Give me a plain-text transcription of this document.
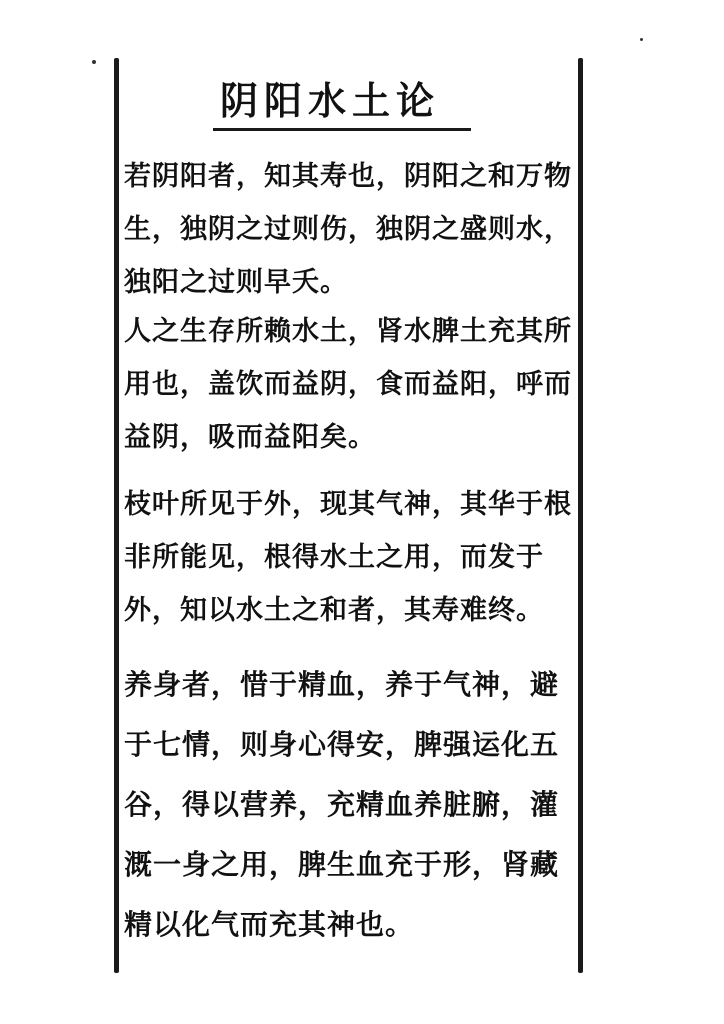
阴阳水土论
若阴阳者，知其寿也，阴阳之和万物生，独阴之过则伤，独阴之盛则水，独阳之过则早夭。
人之生存所赖水土，肾水脾土充其所用也，盖饮而益阴，食而益阳，呼而益阴，吸而益阳矣。
枝叶所见于外，现其气神，其华于根非所能见，根得水土之用，而发于外，知以水土之和者，其寿难终。
养身者，惜于精血，养于气神，避于七情，则身心得安，脾强运化五谷，得以营养，充精血养脏腑，灌溉一身之用，脾生血充于形，肾藏精以化气而充其神也。
